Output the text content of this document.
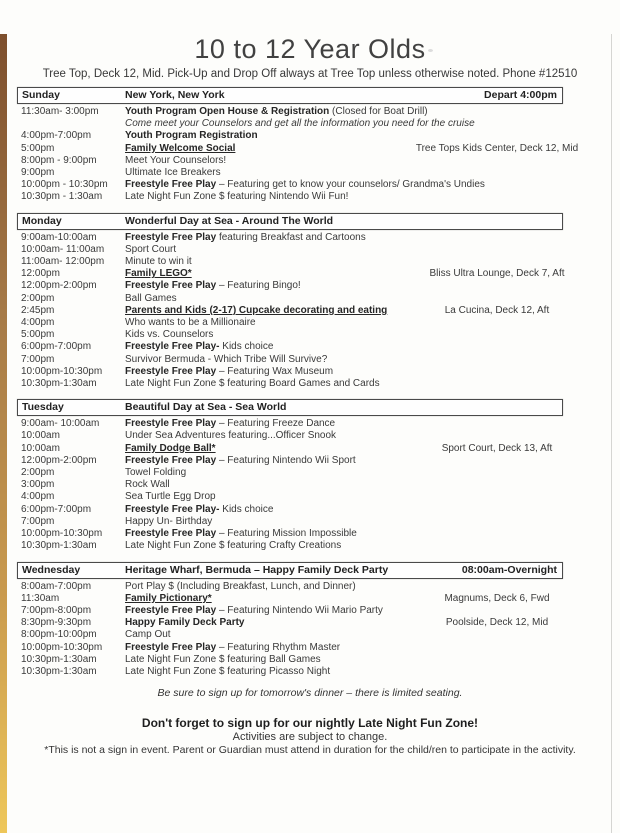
10 to 12 Year Olds
Tree Top, Deck 12, Mid. Pick-Up and Drop Off always at Tree Top unless otherwise noted. Phone #12510
Sunday	New York, New York	Depart 4:00pm
11:30am- 3:00pm	Youth Program Open House & Registration (Closed for Boat Drill)
Come meet your Counselors and get all the information you need for the cruise
4:00pm-7:00pm	Youth Program Registration
5:00pm	Family Welcome Social	Tree Tops Kids Center, Deck 12, Mid
8:00pm - 9:00pm	Meet Your Counselors!
9:00pm	Ultimate Ice Breakers
10:00pm - 10:30pm	Freestyle Free Play – Featuring get to know your counselors/ Grandma's Undies
10:30pm - 1:30am	Late Night Fun Zone $ featuring Nintendo Wii Fun!
Monday	Wonderful Day at Sea - Around The World
9:00am-10:00am	Freestyle Free Play featuring Breakfast and Cartoons
10:00am- 11:00am	Sport Court
11:00am- 12:00pm	Minute to win it
12:00pm	Family LEGO*	Bliss Ultra Lounge, Deck 7, Aft
12:00pm-2:00pm	Freestyle Free Play – Featuring Bingo!
2:00pm	Ball Games
2:45pm	Parents and Kids (2-17) Cupcake decorating and eating	La Cucina, Deck 12, Aft
4:00pm	Who wants to be a Millionaire
5:00pm	Kids vs. Counselors
6:00pm-7:00pm	Freestyle Free Play- Kids choice
7:00pm	Survivor Bermuda - Which Tribe Will Survive?
10:00pm-10:30pm	Freestyle Free Play – Featuring Wax Museum
10:30pm-1:30am	Late Night Fun Zone $ featuring Board Games and Cards
Tuesday	Beautiful Day at Sea - Sea World
9:00am- 10:00am	Freestyle Free Play – Featuring Freeze Dance
10:00am	Under Sea Adventures featuring...Officer Snook
10:00am	Family Dodge Ball*	Sport Court, Deck 13, Aft
12:00pm-2:00pm	Freestyle Free Play – Featuring Nintendo Wii Sport
2:00pm	Towel Folding
3:00pm	Rock Wall
4:00pm	Sea Turtle Egg Drop
6:00pm-7:00pm	Freestyle Free Play- Kids choice
7:00pm	Happy Un- Birthday
10:00pm-10:30pm	Freestyle Free Play – Featuring Mission Impossible
10:30pm-1:30am	Late Night Fun Zone $ featuring Crafty Creations
Wednesday	Heritage Wharf, Bermuda – Happy Family Deck Party	08:00am-Overnight
8:00am-7:00pm	Port Play $ (Including Breakfast, Lunch, and Dinner)
11:30am	Family Pictionary*	Magnums, Deck 6, Fwd
7:00pm-8:00pm	Freestyle Free Play – Featuring Nintendo Wii Mario Party
8:30pm-9:30pm	Happy Family Deck Party	Poolside, Deck 12, Mid
8:00pm-10:00pm	Camp Out
10:00pm-10:30pm	Freestyle Free Play – Featuring Rhythm Master
10:30pm-1:30am	Late Night Fun Zone $ featuring Ball Games
10:30pm-1:30am	Late Night Fun Zone $ featuring Picasso Night
Be sure to sign up for tomorrow's dinner – there is limited seating.
Don't forget to sign up for our nightly Late Night Fun Zone!
Activities are subject to change.
*This is not a sign in event. Parent or Guardian must attend in duration for the child/ren to participate in the activity.
